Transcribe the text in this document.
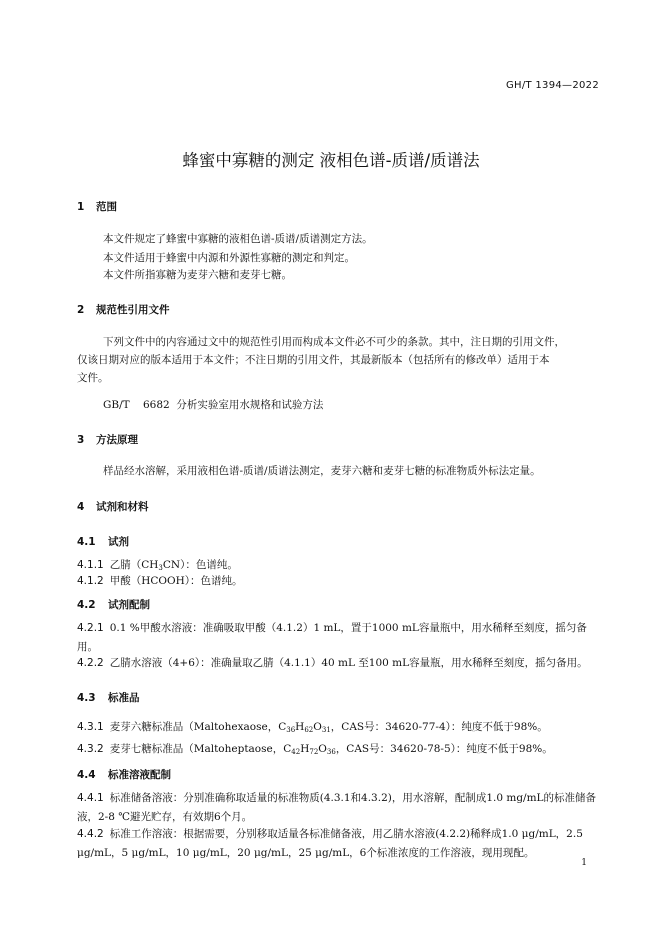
GH/T 1394—2022
蜂蜜中寡糖的测定 液相色谱-质谱/质谱法
1 范围
本文件规定了蜂蜜中寡糖的液相色谱-质谱/质谱测定方法。
本文件适用于蜂蜜中内源和外源性寡糖的测定和判定。
本文件所指寡糖为麦芽六糖和麦芽七糖。
2 规范性引用文件
下列文件中的内容通过文中的规范性引用而构成本文件必不可少的条款。其中，注日期的引用文件，
仅该日期对应的版本适用于本文件；不注日期的引用文件，其最新版本（包括所有的修改单）适用于本
文件。
GB/T    6682  分析实验室用水规格和试验方法
3 方法原理
样品经水溶解，采用液相色谱-质谱/质谱法测定，麦芽六糖和麦芽七糖的标准物质外标法定量。
4 试剂和材料
4.1 试剂
4.1.1 乙腈$(CH_3CN)$：色谱纯。
4.1.2 甲酸（HCOOH）：色谱纯。
4.2 试剂配制
4.2.1 0.1 %甲酸水溶液：准确吸取甲酸（4.1.2）1 mL，置于1000 mL容量瓶中，用水稀释至刻度，摇匀备用。
4.2.2 乙腈水溶液（4+6）：准确量取乙腈（4.1.1）40 mL 至100 mL容量瓶，用水稀释至刻度，摇匀备用。
4.3 标准品
4.3.1 麦芽六糖标准品（Maltohexaose，$C_{36}H_{62}O_{31}$，CAS号：34620-77-4）：纯度不低于98%。
4.3.2 麦芽七糖标准品（Maltoheptaose，$C_{42}H_{72}O_{36}$，CAS号：34620-78-5）：纯度不低于98%。
4.4 标准溶液配制
4.4.1 标准储备溶液：分别准确称取适量的标准物质(4.3.1和4.3.2)，用水溶解，配制成1.0 mg/mL的标准储备液，2-8 ℃避光贮存，有效期6个月。
4.4.2 标准工作溶液：根据需要，分别移取适量各标准储备液，用乙腈水溶液(4.2.2)稀释成1.0 μg/mL，2.5 μg/mL，5 μg/mL，10 μg/mL，20 μg/mL，25 μg/mL，6个标准浓度的工作溶液，现用现配。
1
